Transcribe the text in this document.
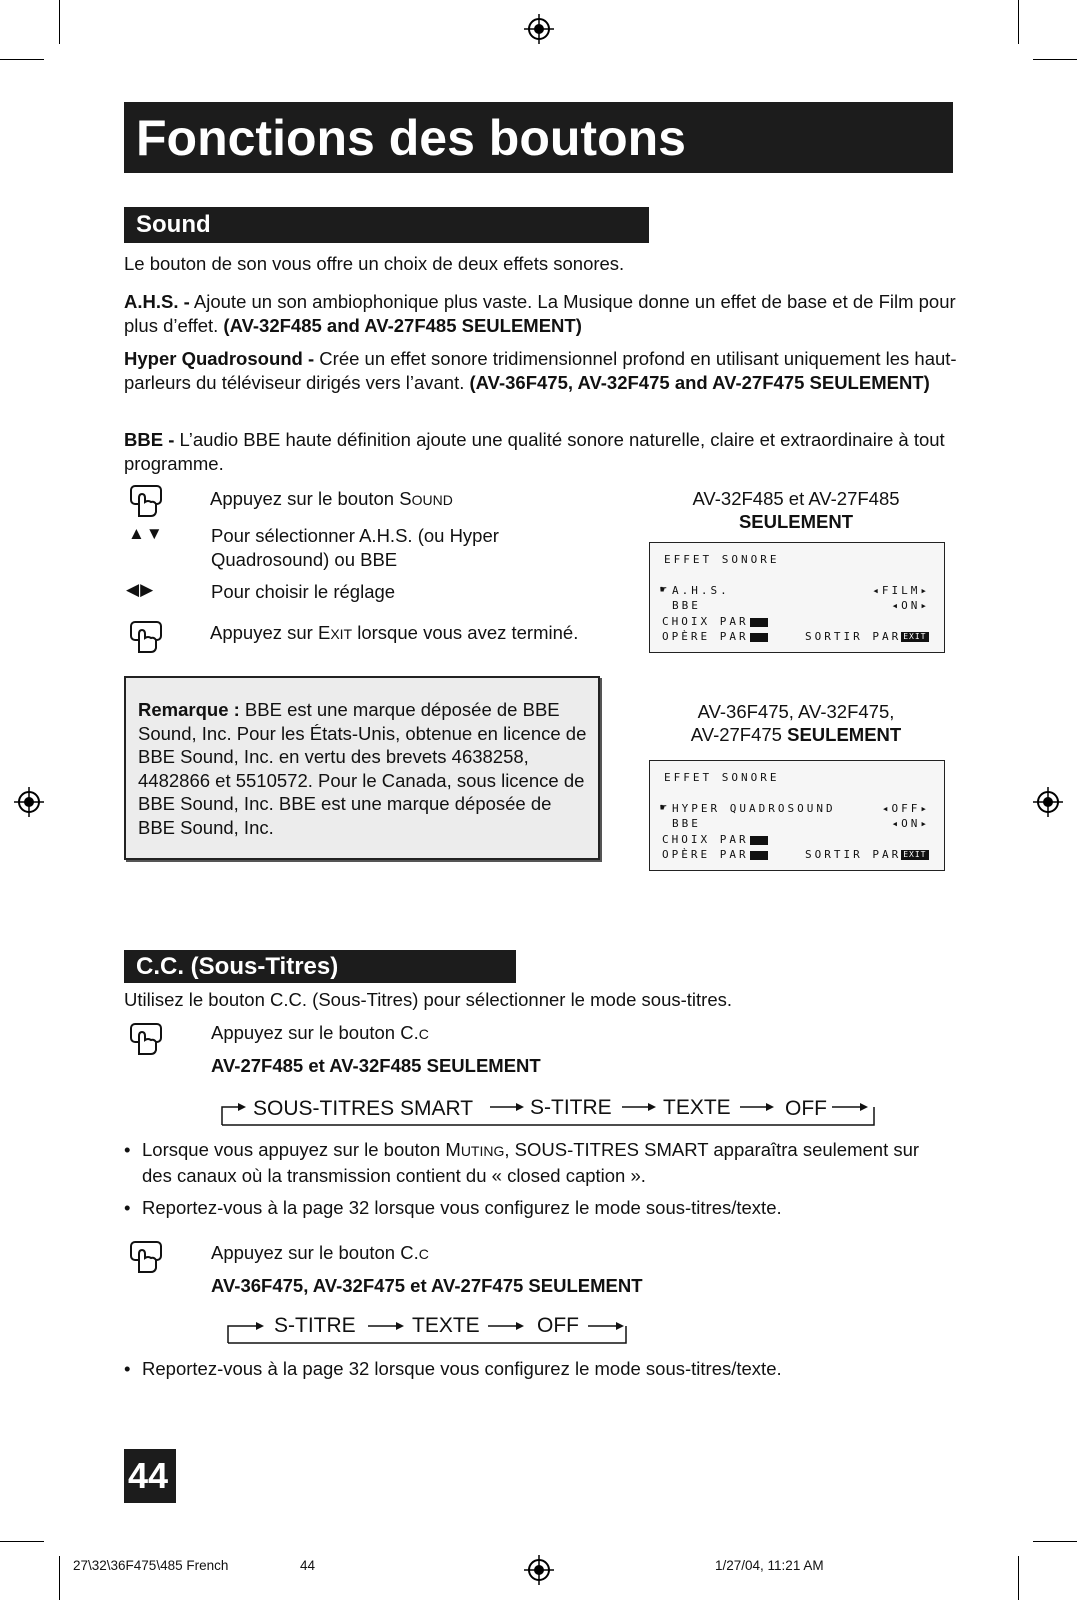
Fonctions des boutons
Sound
Le bouton de son vous offre un choix de deux effets sonores.
A.H.S. - Ajoute un son ambiophonique plus vaste. La Musique donne un effet de base et de Film pour plus d’effet. (AV-32F485 and AV-27F485 SEULEMENT)
Hyper Quadrosound - Crée un effet sonore tridimensionnel profond en utilisant uniquement les haut-parleurs du téléviseur dirigés vers l’avant. (AV-36F475, AV-32F475 and AV-27F475 SEULEMENT)
BBE - L’audio BBE haute définition ajoute une qualité sonore naturelle, claire et extraordinaire à tout programme.
Appuyez sur le bouton SOUND
▲▼	Pour sélectionner A.H.S. (ou Hyper Quadrosound) ou BBE
◀▶	Pour choisir le réglage
Appuyez sur EXIT lorsque vous avez terminé.
AV-32F485 et AV-27F485
SEULEMENT
EFFET SONORE
☛ A.H.S.	◂FILM▸
BBE	◂ON▸
CHOIX PAR
OPÈRE PAR	SORTIR PAR EXIT
Remarque : BBE est une marque déposée de BBE Sound, Inc. Pour les États-Unis, obtenue en licence de BBE Sound, Inc. en vertu des brevets 4638258, 4482866 et 5510572. Pour le Canada, sous licence de BBE Sound, Inc. BBE est une marque déposée de BBE Sound, Inc.
AV-36F475, AV-32F475,
AV-27F475 SEULEMENT
EFFET SONORE
☛ HYPER QUADROSOUND	◂OFF▸
BBE	◂ON▸
CHOIX PAR
OPÈRE PAR	SORTIR PAR EXIT
C.C. (Sous-Titres)
Utilisez le bouton C.C. (Sous-Titres) pour sélectionner le mode sous-titres.
Appuyez sur le bouton C.C
AV-27F485 et AV-32F485 SEULEMENT
SOUS-TITRES SMART	S-TITRE TEXTE	OFF
• Lorsque vous appuyez sur le bouton MUTING, SOUS-TITRES SMART apparaîtra seulement sur des canaux où la transmission contient du « closed caption ».
• Reportez-vous à la page 32 lorsque vous configurez le mode sous-titres/texte.
Appuyez sur le bouton C.C
AV-36F475, AV-32F475 et AV-27F475 SEULEMENT
S-TITRE	TEXTE	OFF
• Reportez-vous à la page 32 lorsque vous configurez le mode sous-titres/texte.
44
27\32\36F475\485 French	44	1/27/04, 11:21 AM
